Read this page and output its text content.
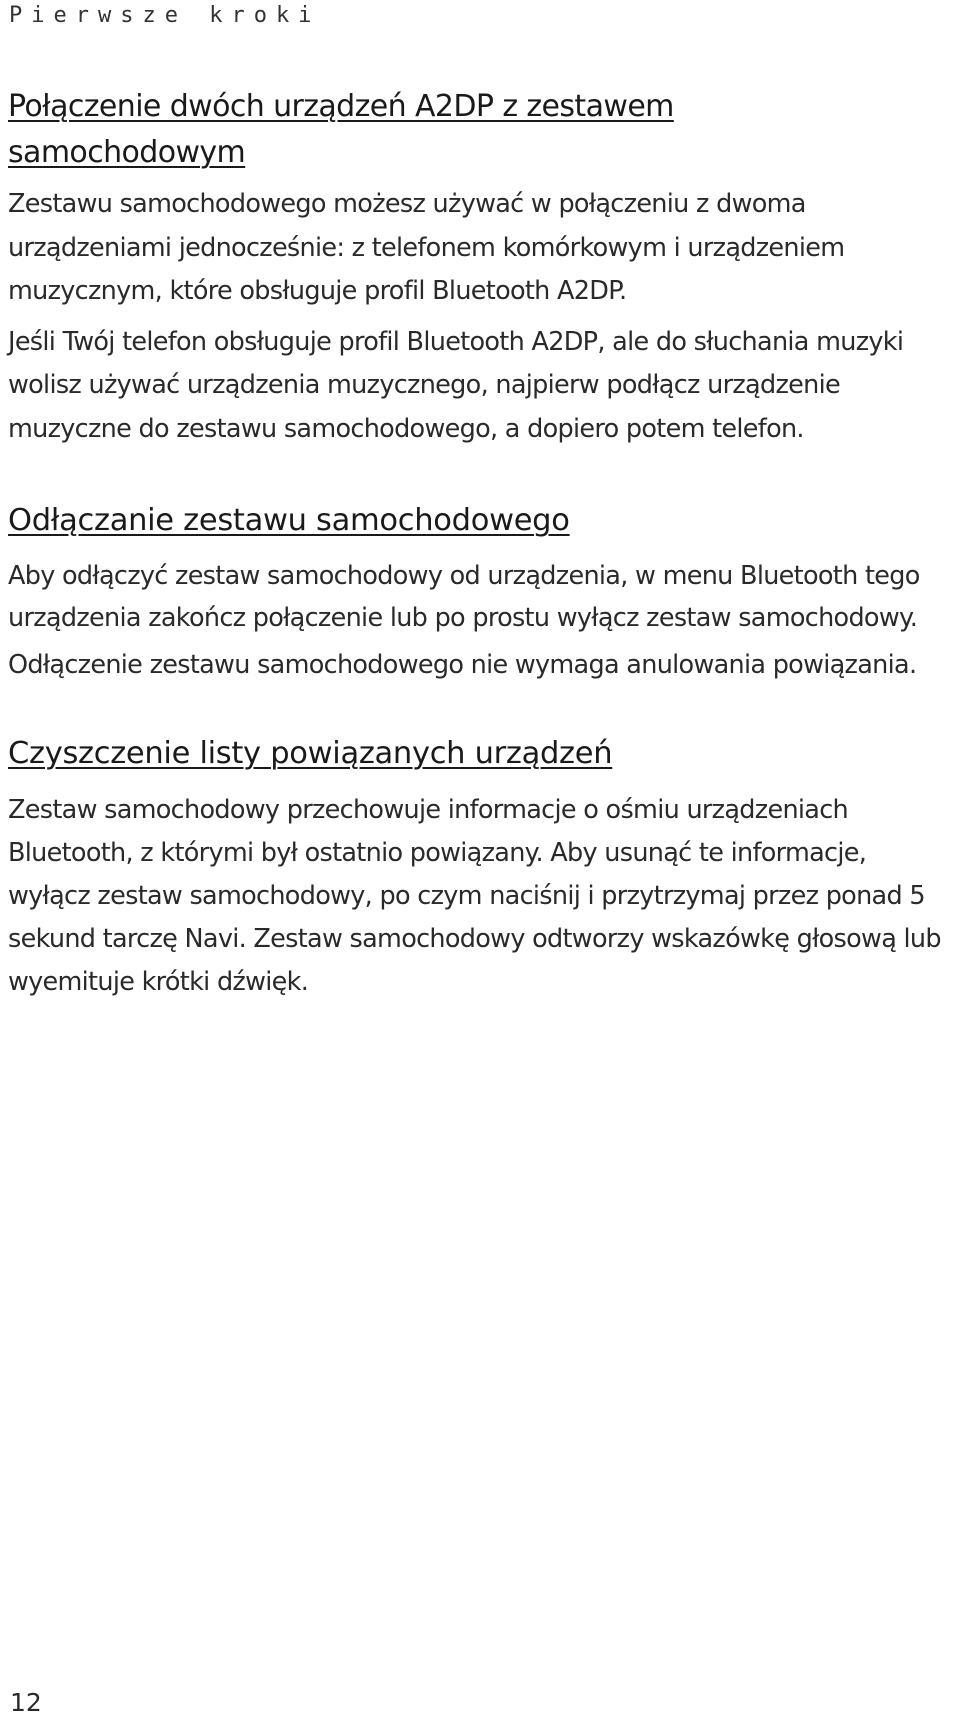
Pierwsze kroki
Połączenie dwóch urządzeń A2DP z zestawem samochodowym

Zestawu samochodowego możesz używać w połączeniu z dwoma urządzeniami jednocześnie: z telefonem komórkowym i urządzeniem muzycznym, które obsługuje profil Bluetooth A2DP.

Jeśli Twój telefon obsługuje profil Bluetooth A2DP, ale do słuchania muzyki wolisz używać urządzenia muzycznego, najpierw podłącz urządzenie muzyczne do zestawu samochodowego, a dopiero potem telefon.

Odłączanie zestawu samochodowego

Aby odłączyć zestaw samochodowy od urządzenia, w menu Bluetooth tego urządzenia zakończ połączenie lub po prostu wyłącz zestaw samochodowy.

Odłączenie zestawu samochodowego nie wymaga anulowania powiązania.

Czyszczenie listy powiązanych urządzeń

Zestaw samochodowy przechowuje informacje o ośmiu urządzeniach Bluetooth, z którymi był ostatnio powiązany. Aby usunąć te informacje, wyłącz zestaw samochodowy, po czym naciśnij i przytrzymaj przez ponad 5 sekund tarczę Navi. Zestaw samochodowy odtworzy wskazówkę głosową lub wyemituje krótki dźwięk.

12
